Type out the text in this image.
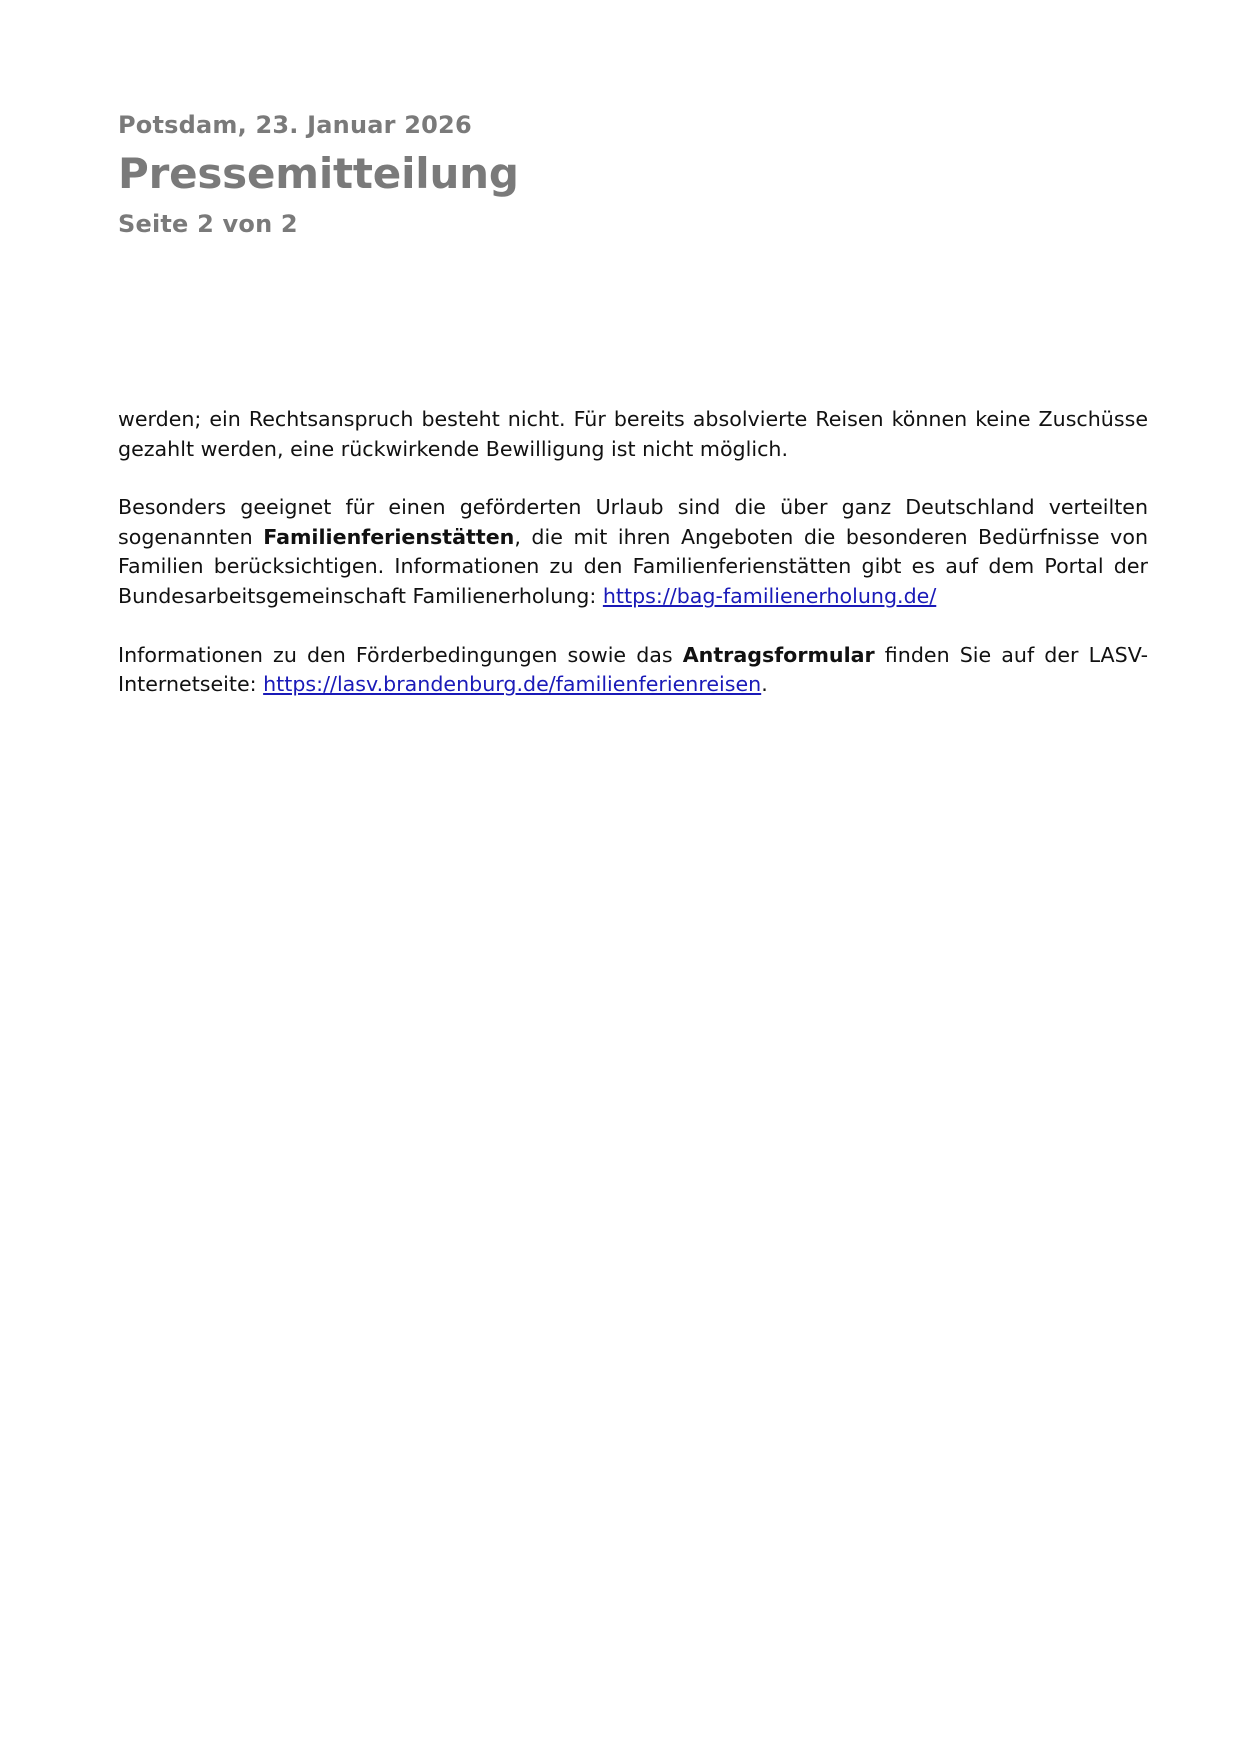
Potsdam, 23. Januar 2026
Pressemitteilung
Seite 2 von 2

werden; ein Rechtsanspruch besteht nicht. Für bereits absolvierte Reisen können keine Zuschüsse gezahlt werden, eine rückwirkende Bewilligung ist nicht möglich.

Besonders geeignet für einen geförderten Urlaub sind die über ganz Deutschland verteilten sogenannten Familienferienstätten, die mit ihren Angeboten die besonderen Bedürfnisse von Familien berücksichtigen. Informationen zu den Familienferienstätten gibt es auf dem Portal der Bundesarbeitsgemeinschaft Familienerholung: https://bag-familienerholung.de/

Informationen zu den Förderbedingungen sowie das Antragsformular finden Sie auf der LASV-Internetseite: https://lasv.brandenburg.de/familienferienreisen.
